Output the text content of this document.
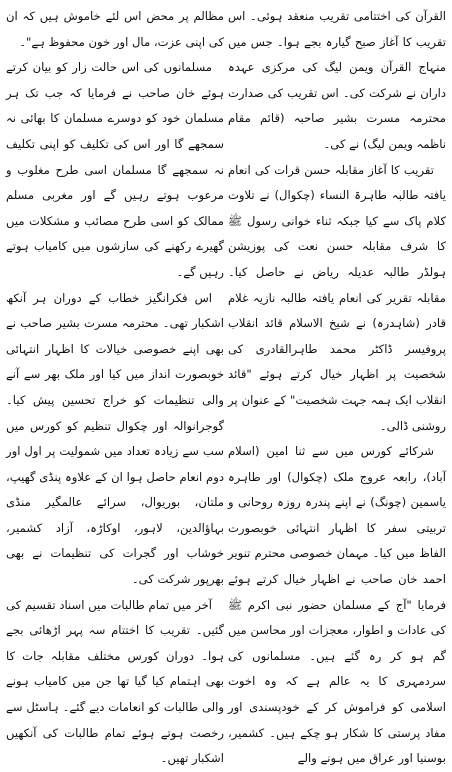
القرآن کی اختتامی تقریب منعقد ہوئی۔ اس تقریب کا آغاز صبح گیارہ بجے ہوا۔ جس میں منہاج القرآن ویمن لیگ کی مرکزی عہدہ داران نے شرکت کی۔ اس تقریب کی صدارت محترمہ مسرت بشیر صاحبہ (قائم مقام ناظمہ ویمن لیگ) نے کی۔

تقریب کا آغاز مقابلہ حسن قرات کی انعام یافتہ طالبہ طاہرۃ النساء (چکوال) نے تلاوت کلام پاک سے کیا جبکہ ثناء خوانی رسول ﷺ کا شرف مقابلہ حسن نعت کی پوزیشن ہولڈر طالبہ عدیلہ ریاض نے حاصل کیا۔ مقابلہ تقریر کی انعام یافتہ طالبہ نازیہ غلام قادر (شاہدرہ) نے شیخ الاسلام قائد انقلاب پروفیسر ڈاکٹر محمد طاہرالقادری کی شخصیت پر اظہار خیال کرتے ہوئے "قائد انقلاب ایک ہمہ جہت شخصیت" کے عنوان پر روشنی ڈالی۔

شرکائے کورس میں سے ثنا امین (اسلام آباد)، رابعہ عروج ملک (چکوال) اور طاہرہ یاسمین (چونگ) نے اپنے پندرہ روزہ روحانی و تربیتی سفر کا اظہار انتہائی خوبصورت الفاظ میں کیا۔ مہمان خصوصی محترم تنویر احمد خان صاحب نے اظہار خیال کرتے ہوئے فرمایا "آج کے مسلمان حضور نبی اکرم ﷺ کی عادات و اطوار، معجزات اور محاسن میں گم ہو کر رہ گئے ہیں۔ مسلمانوں کی سردمہری کا یہ عالم ہے کہ وہ اخوت اسلامی کو فراموش کر کے خودپسندی اور مفاد پرستی کا شکار ہو چکے ہیں۔ کشمیر، بوسنیا اور عراق میں ہونے والے

مظالم پر محض اس لئے خاموش ہیں کہ ان کی اپنی عزت، مال اور خون محفوظ ہے"۔

مسلمانوں کی اس حالت زار کو بیان کرتے ہوئے خان صاحب نے فرمایا کہ جب تک ہر مسلمان خود کو دوسرے مسلمان کا بھائی نہ سمجھے گا اور اس کی تکلیف کو اپنی تکلیف نہ سمجھے گا مسلمان اسی طرح مغلوب و مرعوب ہوتے رہیں گے اور مغربی مسلم ممالک کو اسی طرح مصائب و مشکلات میں گھیرے رکھنے کی سازشوں میں کامیاب ہوتے رہیں گے۔

اس فکرانگیز خطاب کے دوران ہر آنکھ اشکبار تھی۔ محترمہ مسرت بشیر صاحب نے بھی اپنے خصوصی خیالات کا اظہار انتہائی خوبصورت انداز میں کیا اور ملک بھر سے آنے والی تنظیمات کو خراج تحسین پیش کیا۔ گوجرانوالہ اور چکوال تنظیم کو کورس میں سب سے زیادہ تعداد میں شمولیت پر اول اور دوم انعام حاصل ہوا ان کے علاوہ پنڈی گھیپ، ملتان، بوریوال، سرائے عالمگیر منڈی بہاؤالدین، لاہور، اوکاڑہ، آزاد کشمیر، خوشاب اور گجرات کی تنظیمات نے بھی بھرپور شرکت کی۔

آخر میں تمام طالبات میں اسناد تقسیم کی گئیں۔ تقریب کا اختتام سہ پہر اڑھائی بجے ہوا۔ دوران کورس مختلف مقابلہ جات کا بھی اہتمام کیا گیا تھا جن میں کامیاب ہونے والی طالبات کو انعامات دیے گئے۔ ہاسٹل سے رخصت ہوتے ہوئے تمام طالبات کی آنکھیں اشکبار تھیں۔
